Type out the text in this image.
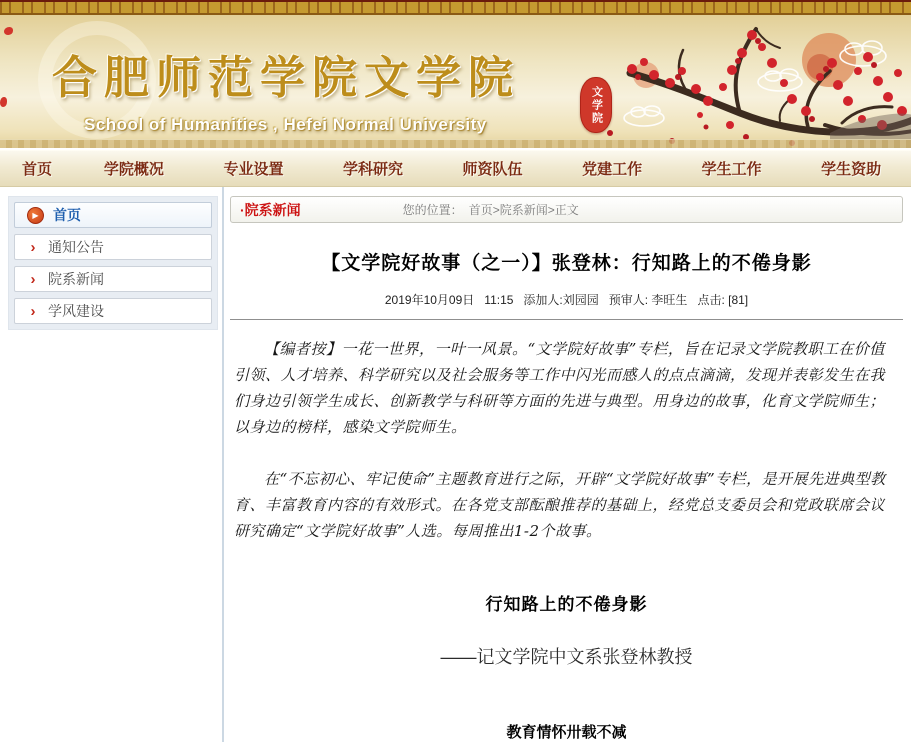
合肥师范学院文学院
School of Humanities , Hefei Normal University	文学院
首页	学院概况	专业设置	学科研究	师资队伍	党建工作	学生工作	学生资助
▶	首页
› 通知公告
› 院系新闻
› 学风建设
·院系新闻	您的位置： 首页>院系新闻>正文
【文学院好故事（之一）】张登林：行知路上的不倦身影
2019年10月09日 11:15 添加人:刘园园 预审人: 李旺生 点击: [81]

【编者按】一花一世界，一叶一风景。“文学院好故事”专栏，旨在记录文学院教职工在价值引领、人才培养、科学研究以及社会服务等工作中闪光而感人的点点滴滴，发现并表彰发生在我们身边引领学生成长、创新教学与科研等方面的先进与典型。用身边的故事，化育文学院师生；以身边的榜样，感染文学院师生。

在“不忘初心、牢记使命”主题教育进行之际，开辟“文学院好故事”专栏，是开展先进典型教育、丰富教育内容的有效形式。在各党支部酝酿推荐的基础上，经党总支委员会和党政联席会议研究确定“文学院好故事”人选。每周推出1-2个故事。

行知路上的不倦身影
——记文学院中文系张登林教授
教育情怀卅载不减
